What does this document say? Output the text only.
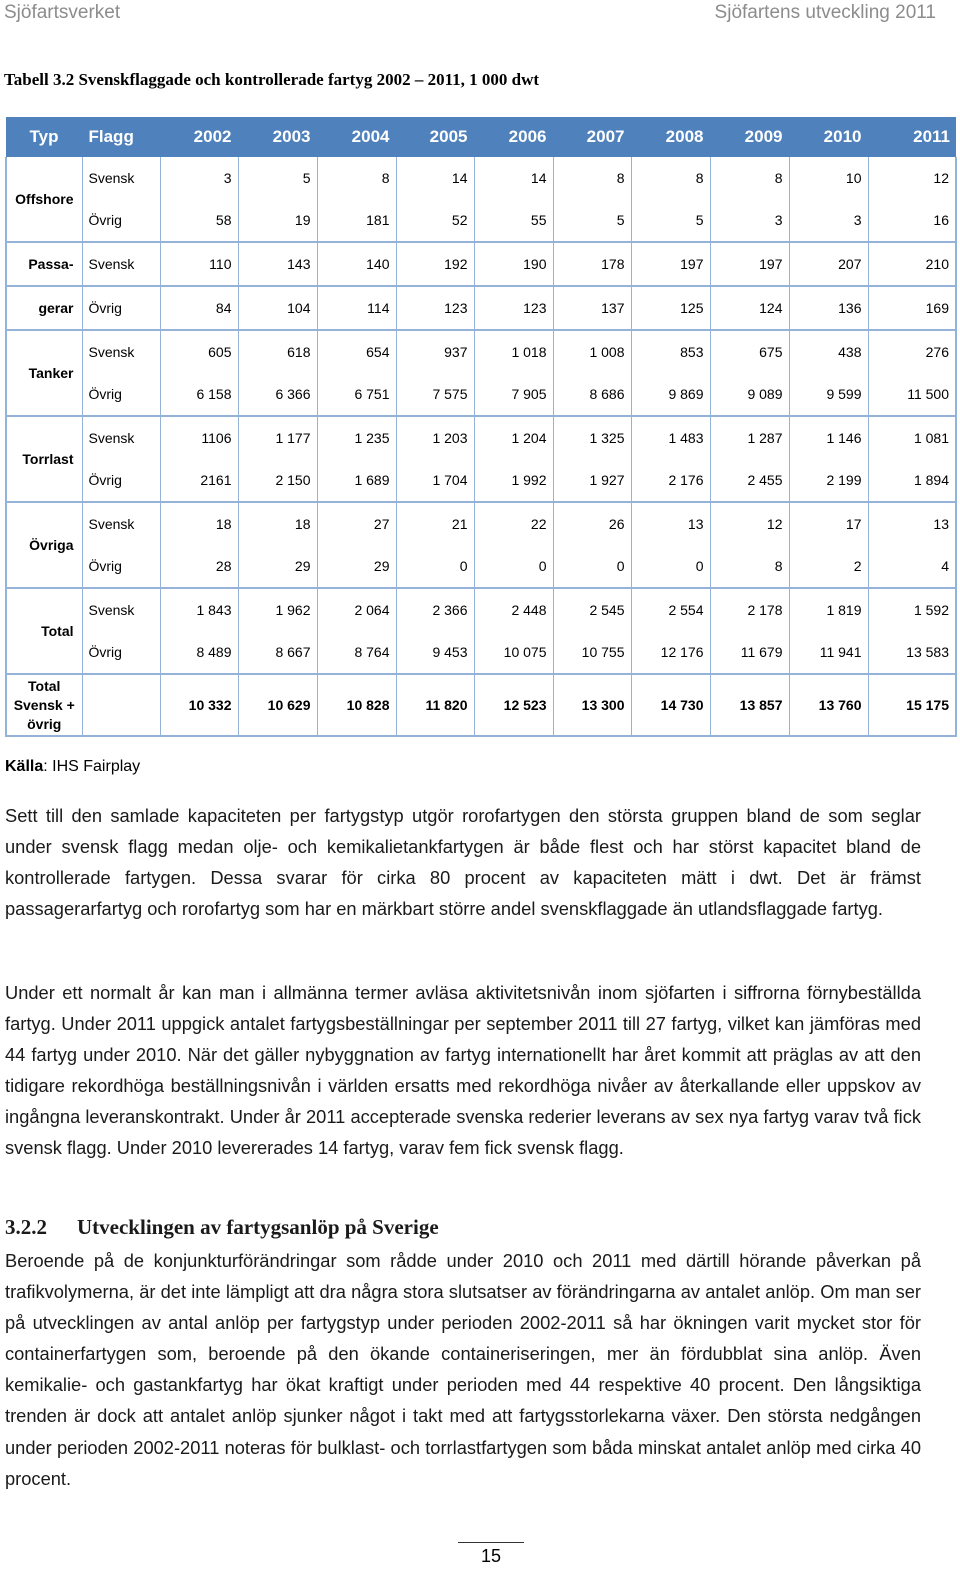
Sjöfartsverket	Sjöfartens utveckling 2011
Tabell 3.2 Svenskflaggade och kontrollerade fartyg 2002 – 2011, 1 000 dwt
Typ	Flagg	2002	2003	2004	2005	2006	2007	2008	2009	2010	2011
Offshore	Svensk	3	5	8	14	14	8	8	8	10	12
	Övrig	58	19	181	52	55	5	5	3	3	16
Passa-	Svensk	110	143	140	192	190	178	197	197	207	210
gerar	Övrig	84	104	114	123	123	137	125	124	136	169
Tanker	Svensk	605	618	654	937	1 018	1 008	853	675	438	276
	Övrig	6 158	6 366	6 751	7 575	7 905	8 686	9 869	9 089	9 599	11 500
Torrlast	Svensk	1106	1 177	1 235	1 203	1 204	1 325	1 483	1 287	1 146	1 081
	Övrig	2161	2 150	1 689	1 704	1 992	1 927	2 176	2 455	2 199	1 894
Övriga	Svensk	18	18	27	21	22	26	13	12	17	13
	Övrig	28	29	29	0	0	0	0	8	2	4
Total	Svensk	1 843	1 962	2 064	2 366	2 448	2 545	2 554	2 178	1 819	1 592
	Övrig	8 489	8 667	8 764	9 453	10 075	10 755	12 176	11 679	11 941	13 583

Total
Svensk +
övrig		10 332	10 629	10 828	11 820	12 523	13 300	14 730	13 857	13 760	15 175
Källa: IHS Fairplay
Sett till den samlade kapaciteten per fartygstyp utgör rorofartygen den största gruppen bland de som seglar under svensk flagg medan olje- och kemikalietankfartygen är både flest och har störst kapacitet bland de kontrollerade fartygen. Dessa svarar för cirka 80 procent av kapaciteten mätt i dwt. Det är främst passagerarfartyg och rorofartyg som har en märkbart större andel svenskflaggade än utlandsflaggade fartyg.
Under ett normalt år kan man i allmänna termer avläsa aktivitetsnivån inom sjöfarten i siffrorna förnybeställda fartyg. Under 2011 uppgick antalet fartygsbeställningar per september 2011 till 27 fartyg, vilket kan jämföras med 44 fartyg under 2010. När det gäller nybyggnation av fartyg internationellt har året kommit att präglas av att den tidigare rekordhöga beställningsnivån i världen ersatts med rekordhöga nivåer av återkallande eller uppskov av ingångna leveranskontrakt. Under år 2011 accepterade svenska rederier leverans av sex nya fartyg varav två fick svensk flagg. Under 2010 levererades 14 fartyg, varav fem fick svensk flagg.
3.2.2 Utvecklingen av fartygsanlöp på Sverige
Beroende på de konjunkturförändringar som rådde under 2010 och 2011 med därtill hörande påverkan på trafikvolymerna, är det inte lämpligt att dra några stora slutsatser av förändringarna av antalet anlöp. Om man ser på utvecklingen av antal anlöp per fartygstyp under perioden 2002-2011 så har ökningen varit mycket stor för containerfartygen som, beroende på den ökande containeriseringen, mer än fördubblat sina anlöp. Även kemikalie- och gastankfartyg har ökat kraftigt under perioden med 44 respektive 40 procent. Den långsiktiga trenden är dock att antalet anlöp sjunker något i takt med att fartygsstorlekarna växer. Den största nedgången under perioden 2002-2011 noteras för bulklast- och torrlastfartygen som båda minskat antalet anlöp med cirka 40 procent.
15
